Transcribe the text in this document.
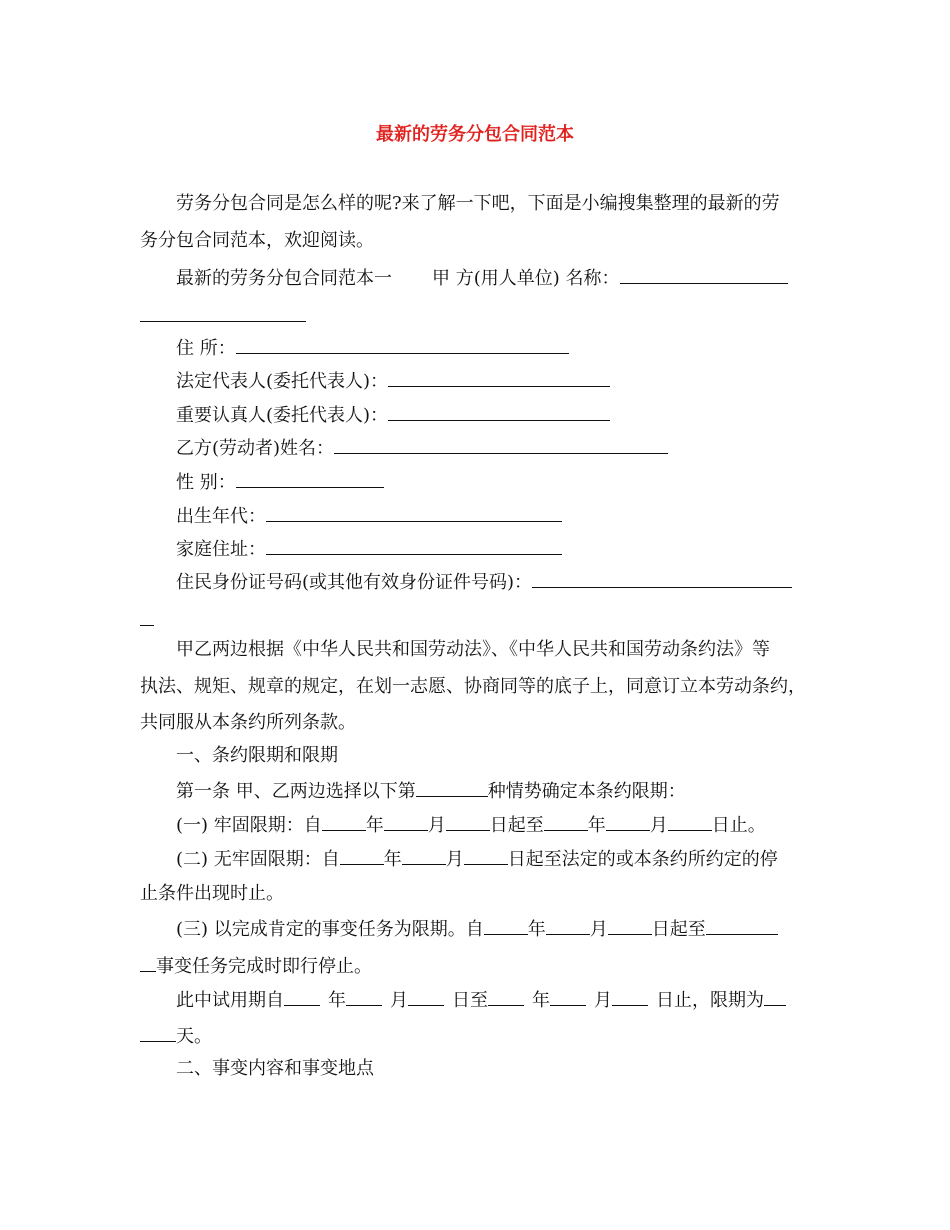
最新的劳务分包合同范本
劳务分包合同是怎么样的呢?来了解一下吧，下面是小编搜集整理的最新的劳
务分包合同范本，欢迎阅读。
最新的劳务分包合同范本一 甲 方(用人单位) 名称：
住 所：
法定代表人(委托代表人)：
重要认真人(委托代表人)：
乙方(劳动者)姓名：
性 别：
出生年代：
家庭住址：
住民身份证号码(或其他有效身份证件号码)：
甲乙两边根据《中华人民共和国劳动法》、《中华人民共和国劳动条约法》等
执法、规矩、规章的规定，在划一志愿、协商同等的底子上，同意订立本劳动条约，
共同服从本条约所列条款。
一、条约限期和限期
第一条 甲、乙两边选择以下第	种情势确定本条约限期：
(一) 牢固限期：自 年 月 日起至 年 月 日止。
(二) 无牢固限期：自 年 月 日起至法定的或本条约所约定的停
止条件出现时止。
(三) 以完成肯定的事变任务为限期。自 年 月 日起至
事变任务完成时即行停止。
此中试用期自 年 月 日至 年 月 日止，限期为
天。
二、事变内容和事变地点
